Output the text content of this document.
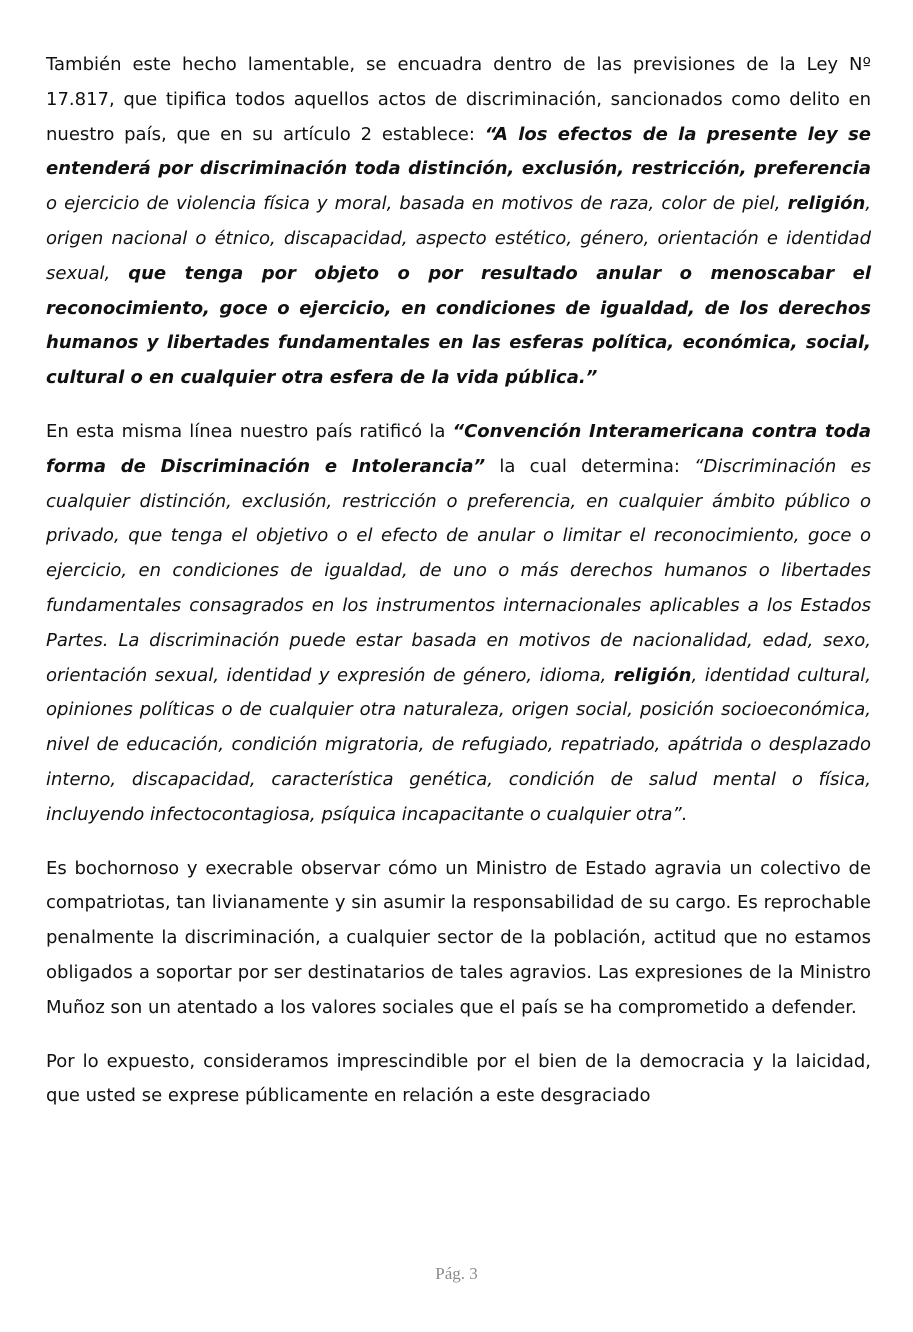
También este hecho lamentable, se encuadra dentro de las previsiones de la Ley Nº 17.817, que tipifica todos aquellos actos de discriminación, sancionados como delito en nuestro país, que en su artículo 2 establece: “A los efectos de la presente ley se entenderá por discriminación toda distinción, exclusión, restricción, preferencia o ejercicio de violencia física y moral, basada en motivos de raza, color de piel, religión, origen nacional o étnico, discapacidad, aspecto estético, género, orientación e identidad sexual, que tenga por objeto o por resultado anular o menoscabar el reconocimiento, goce o ejercicio, en condiciones de igualdad, de los derechos humanos y libertades fundamentales en las esferas política, económica, social, cultural o en cualquier otra esfera de la vida pública.”

En esta misma línea nuestro país ratificó la “Convención Interamericana contra toda forma de Discriminación e Intolerancia” la cual determina: “Discriminación es cualquier distinción, exclusión, restricción o preferencia, en cualquier ámbito público o privado, que tenga el objetivo o el efecto de anular o limitar el reconocimiento, goce o ejercicio, en condiciones de igualdad, de uno o más derechos humanos o libertades fundamentales consagrados en los instrumentos internacionales aplicables a los Estados Partes. La discriminación puede estar basada en motivos de nacionalidad, edad, sexo, orientación sexual, identidad y expresión de género, idioma, religión, identidad cultural, opiniones políticas o de cualquier otra naturaleza, origen social, posición socioeconómica, nivel de educación, condición migratoria, de refugiado, repatriado, apátrida o desplazado interno, discapacidad, característica genética, condición de salud mental o física, incluyendo infectocontagiosa, psíquica incapacitante o cualquier otra”.

Es bochornoso y execrable observar cómo un Ministro de Estado agravia un colectivo de compatriotas, tan livianamente y sin asumir la responsabilidad de su cargo. Es reprochable penalmente la discriminación, a cualquier sector de la población, actitud que no estamos obligados a soportar por ser destinatarios de tales agravios. Las expresiones de la Ministro Muñoz son un atentado a los valores sociales que el país se ha comprometido a defender.

Por lo expuesto, consideramos imprescindible por el bien de la democracia y la laicidad, que usted se exprese públicamente en relación a este desgraciado

Pág. 3
